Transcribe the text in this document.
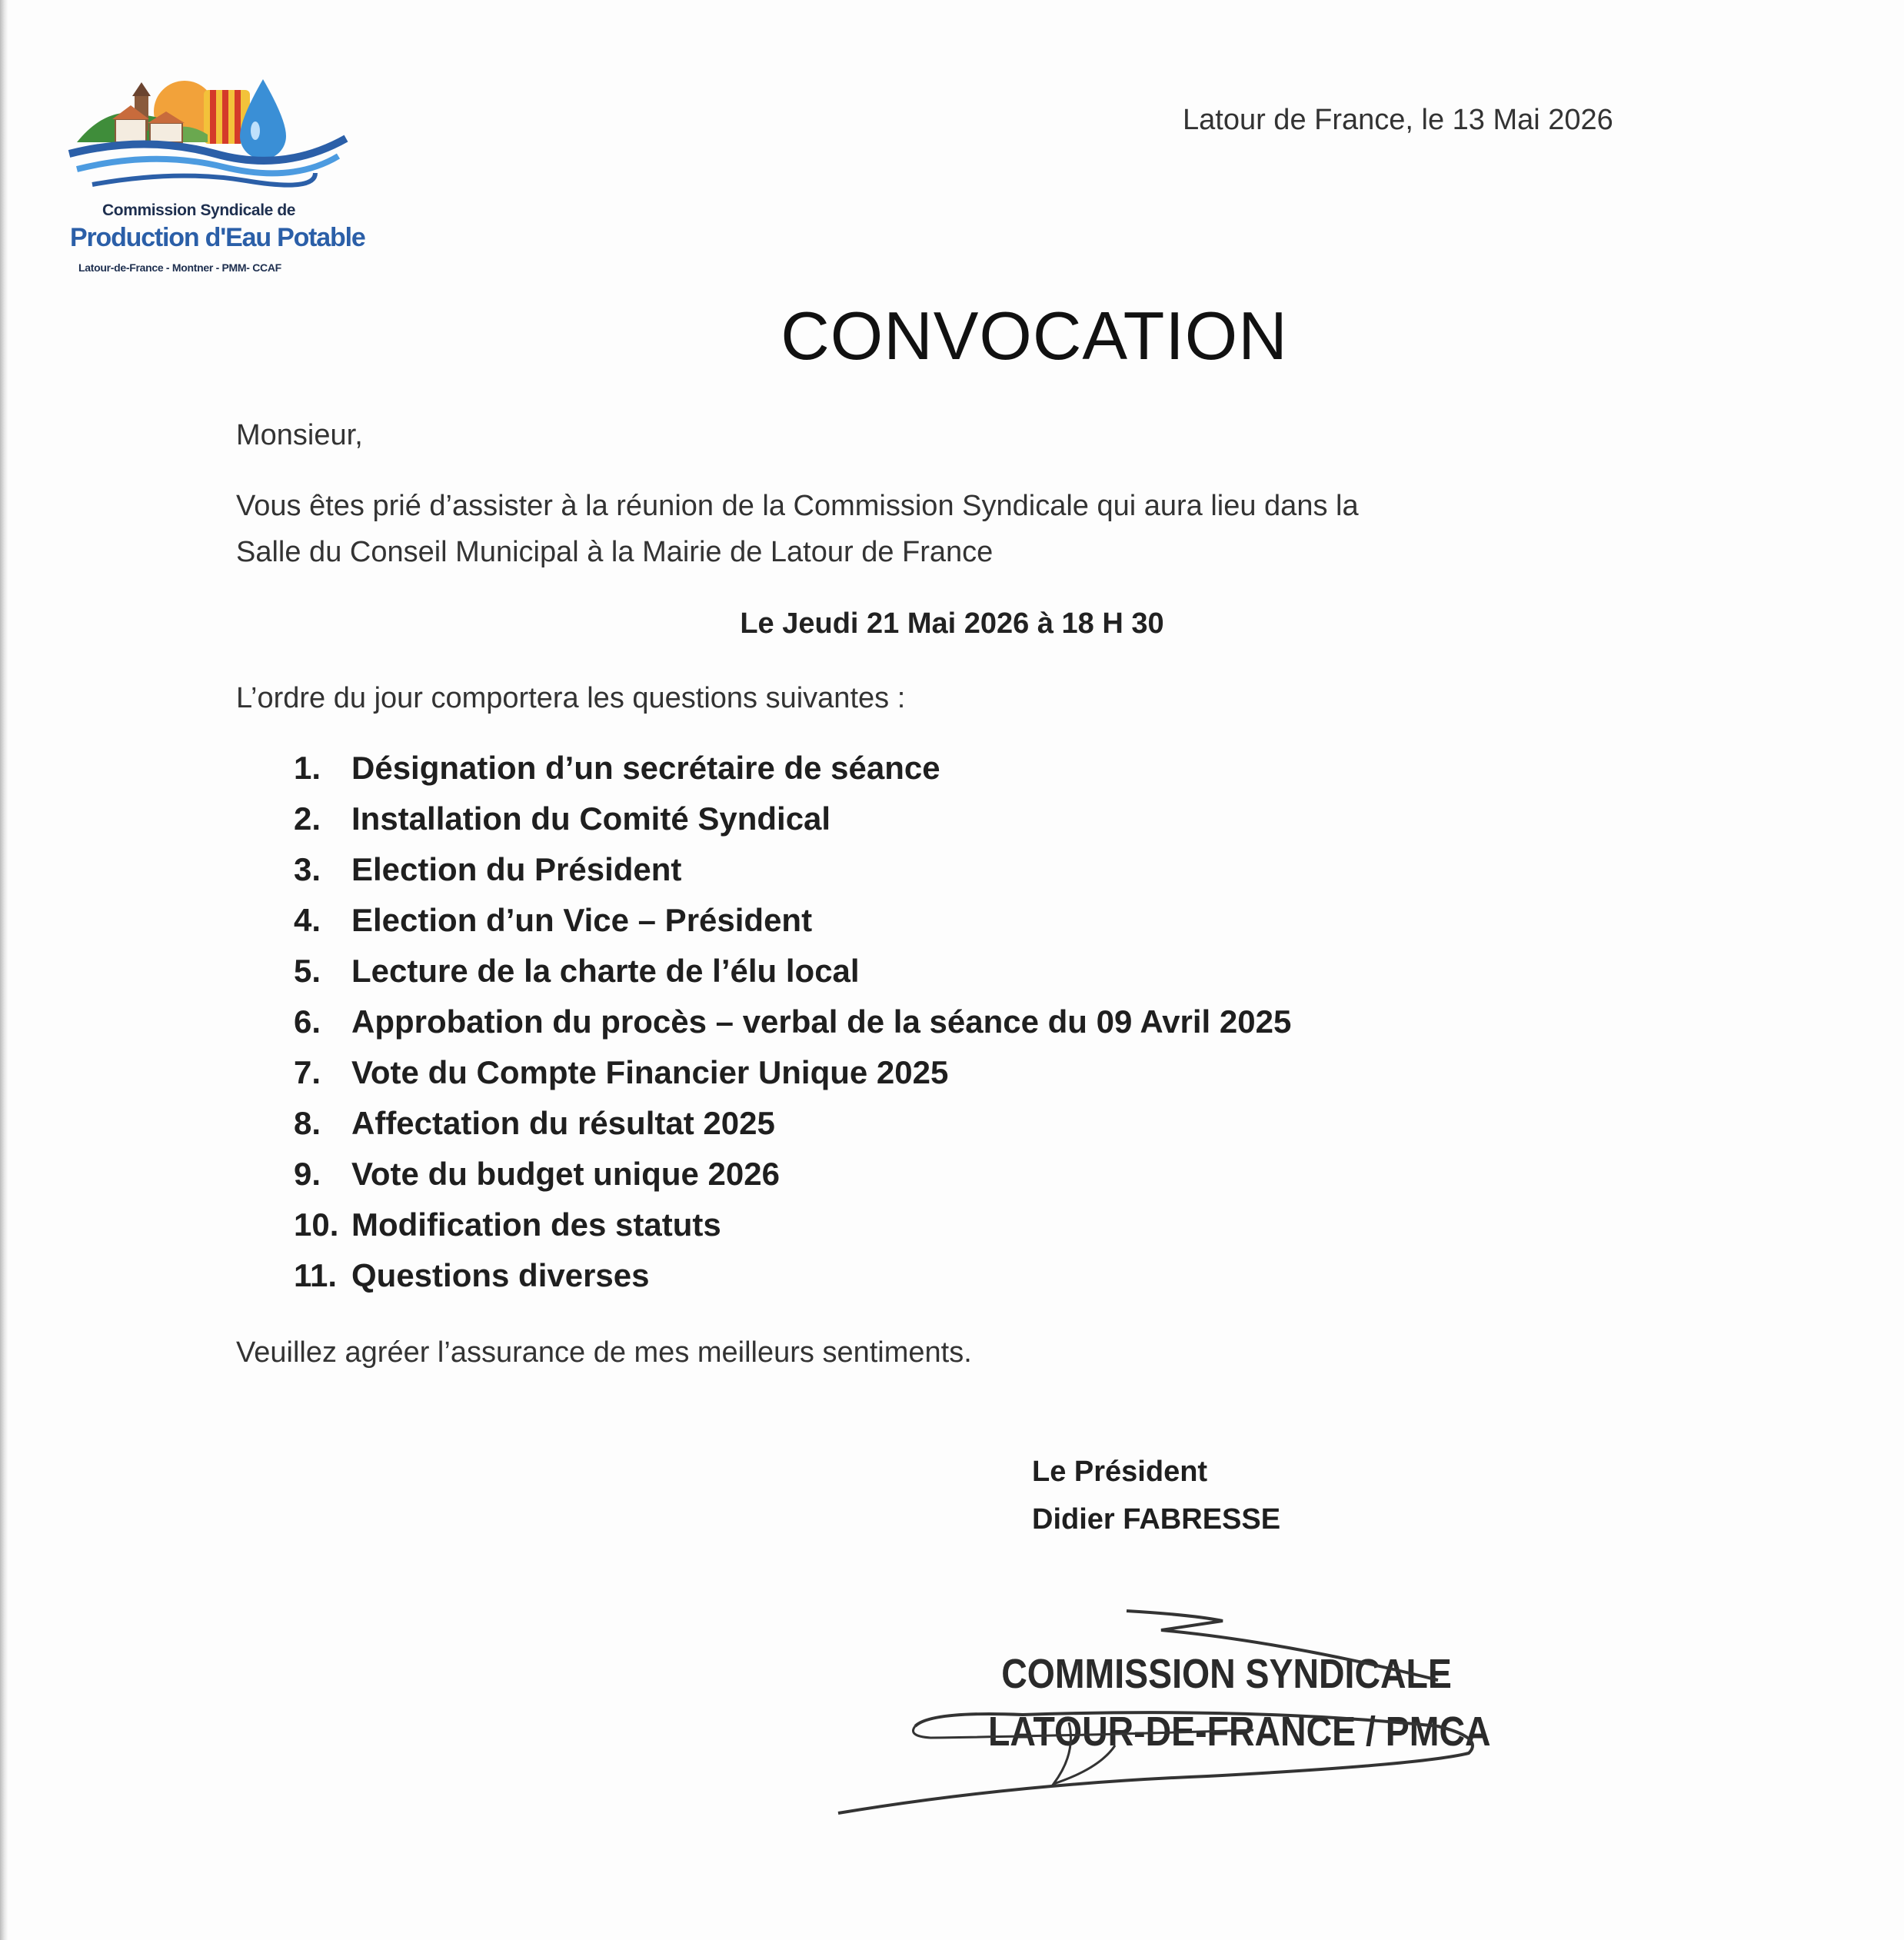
Commission Syndicale de
Production d'Eau Potable
Latour-de-France - Montner - PMM- CCAF
Latour de France, le 13 Mai 2026
CONVOCATION
Monsieur,
Vous êtes prié d’assister à la réunion de la Commission Syndicale qui aura lieu dans la
Salle du Conseil Municipal à la Mairie de Latour de France
Le Jeudi 21 Mai 2026 à 18 H 30
L’ordre du jour comportera les questions suivantes :
1. Désignation d’un secrétaire de séance
2. Installation du Comité Syndical
3. Election du Président
4. Election d’un Vice – Président
5. Lecture de la charte de l’élu local
6. Approbation du procès – verbal de la séance du 09 Avril 2025
7. Vote du Compte Financier Unique 2025
8. Affectation du résultat 2025
9. Vote du budget unique 2026
10. Modification des statuts
11. Questions diverses
Veuillez agréer l’assurance de mes meilleurs sentiments.
Le Président
Didier FABRESSE
COMMISSION SYNDICALE
LATOUR-DE-FRANCE / PMCA
